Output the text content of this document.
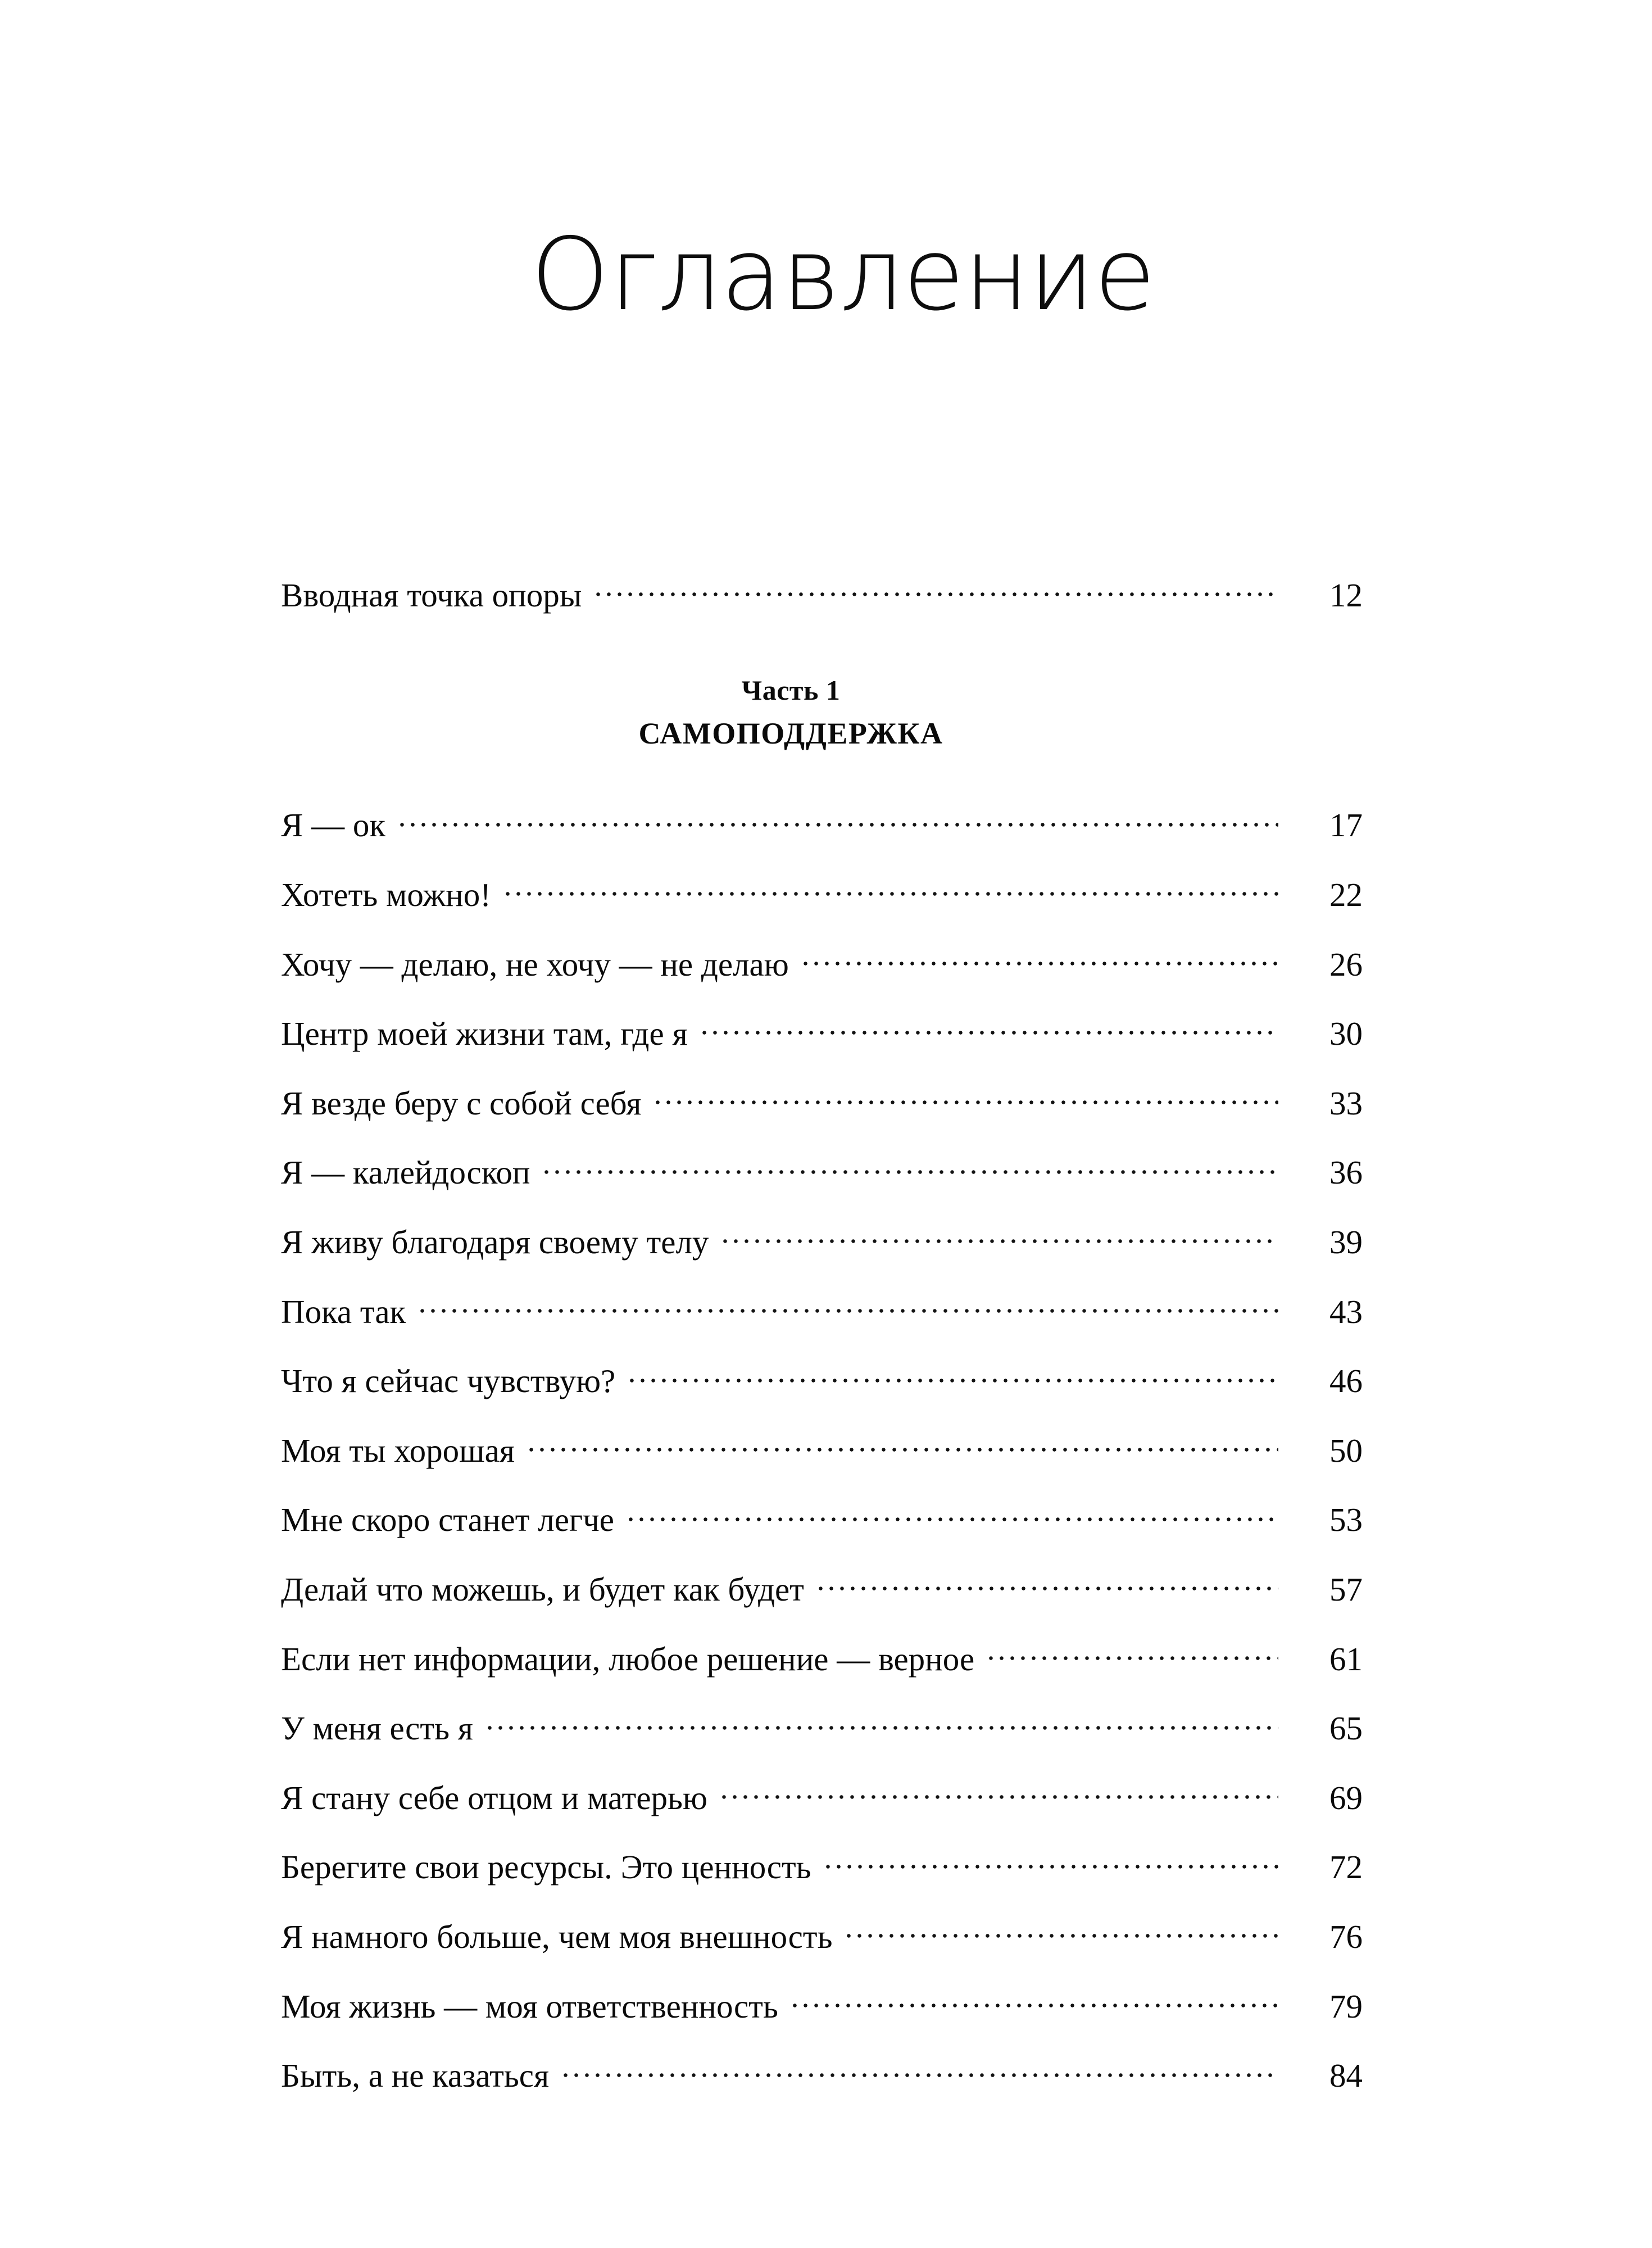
Оглавление
Вводная точка опоры	12
Часть 1
САМОПОДДЕРЖКА
Я — ок	17
Хотеть можно!	22
Хочу — делаю, не хочу — не делаю	26
Центр моей жизни там, где я	30
Я везде беру с собой себя	33
Я — калейдоскоп	36
Я живу благодаря своему телу	39
Пока так	43
Что я сейчас чувствую?	46
Моя ты хорошая	50
Мне скоро станет легче	53
Делай что можешь, и будет как будет	57
Если нет информации, любое решение — верное	61
У меня есть я	65
Я стану себе отцом и матерью	69
Берегите свои ресурсы. Это ценность	72
Я намного больше, чем моя внешность	76
Моя жизнь — моя ответственность	79
Быть, а не казаться	84
